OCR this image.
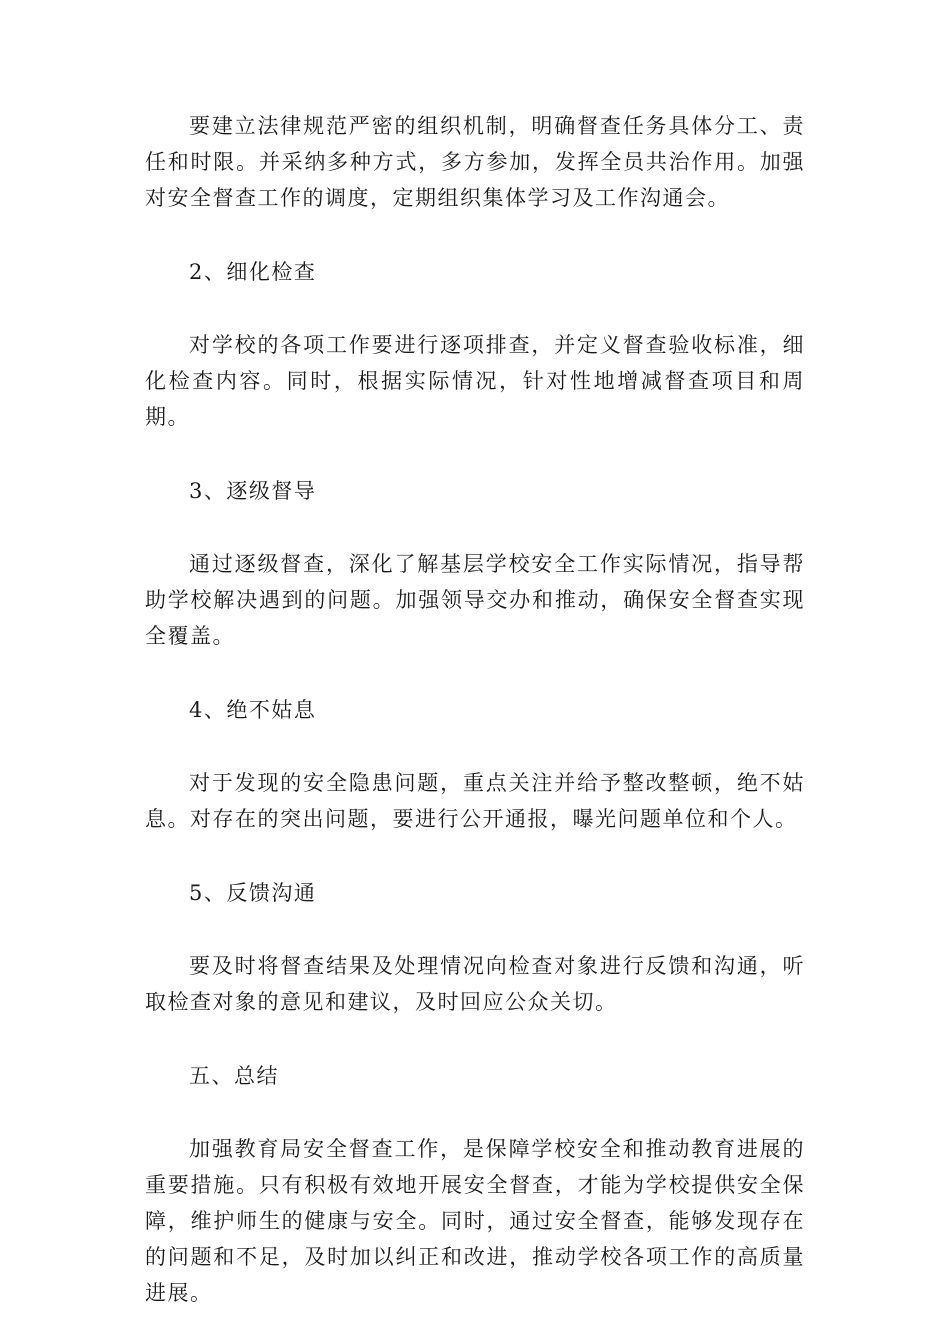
要建立法律规范严密的组织机制，明确督查任务具体分工、责任和时限。并采纳多种方式，多方参加，发挥全员共治作用。加强对安全督查工作的调度，定期组织集体学习及工作沟通会。

2、细化检查

对学校的各项工作要进行逐项排查，并定义督查验收标准，细化检查内容。同时，根据实际情况，针对性地增减督查项目和周期。

3、逐级督导

通过逐级督查，深化了解基层学校安全工作实际情况，指导帮助学校解决遇到的问题。加强领导交办和推动，确保安全督查实现全覆盖。

4、绝不姑息

对于发现的安全隐患问题，重点关注并给予整改整顿，绝不姑息。对存在的突出问题，要进行公开通报，曝光问题单位和个人。

5、反馈沟通

要及时将督查结果及处理情况向检查对象进行反馈和沟通，听取检查对象的意见和建议，及时回应公众关切。

五、总结

加强教育局安全督查工作，是保障学校安全和推动教育进展的重要措施。只有积极有效地开展安全督查，才能为学校提供安全保障，维护师生的健康与安全。同时，通过安全督查，能够发现存在的问题和不足，及时加以纠正和改进，推动学校各项工作的高质量进展。
